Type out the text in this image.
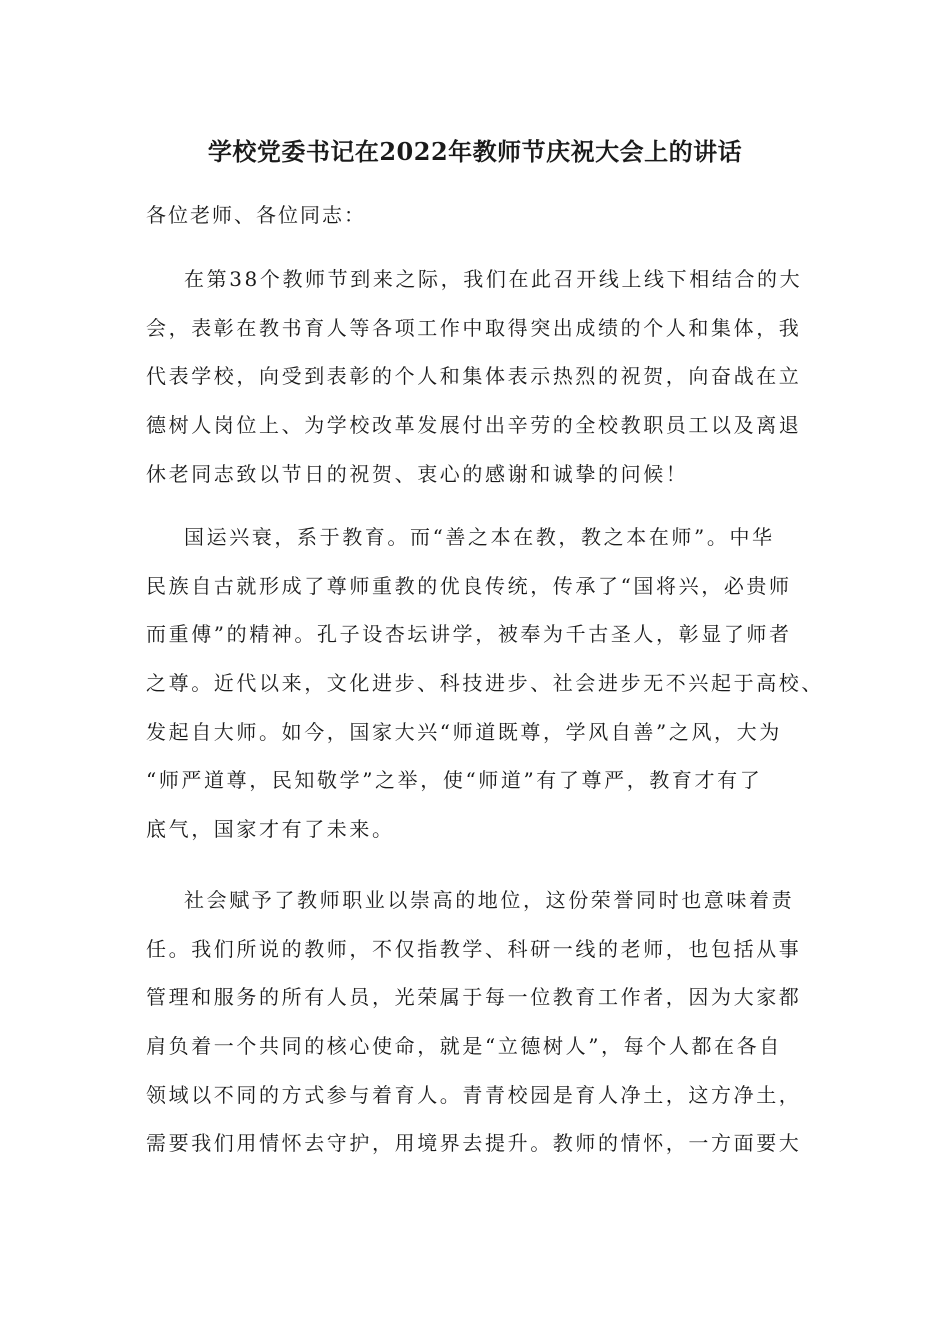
学校党委书记在2022年教师节庆祝大会上的讲话
各位老师、各位同志：
在第38个教师节到来之际，我们在此召开线上线下相结合的大
会，表彰在教书育人等各项工作中取得突出成绩的个人和集体，我
代表学校，向受到表彰的个人和集体表示热烈的祝贺，向奋战在立
德树人岗位上、为学校改革发展付出辛劳的全校教职员工以及离退
休老同志致以节日的祝贺、衷心的感谢和诚挚的问候！
国运兴衰，系于教育。而“善之本在教，教之本在师”。中华
民族自古就形成了尊师重教的优良传统，传承了“国将兴，必贵师
而重傅”的精神。孔子设杏坛讲学，被奉为千古圣人，彰显了师者
之尊。近代以来，文化进步、科技进步、社会进步无不兴起于高校、
发起自大师。如今，国家大兴“师道既尊，学风自善”之风，大为
“师严道尊，民知敬学”之举，使“师道”有了尊严，教育才有了
底气，国家才有了未来。
社会赋予了教师职业以崇高的地位，这份荣誉同时也意味着责
任。我们所说的教师，不仅指教学、科研一线的老师，也包括从事
管理和服务的所有人员，光荣属于每一位教育工作者，因为大家都
肩负着一个共同的核心使命，就是“立德树人”，每个人都在各自
领域以不同的方式参与着育人。青青校园是育人净土，这方净土，
需要我们用情怀去守护，用境界去提升。教师的情怀，一方面要大
